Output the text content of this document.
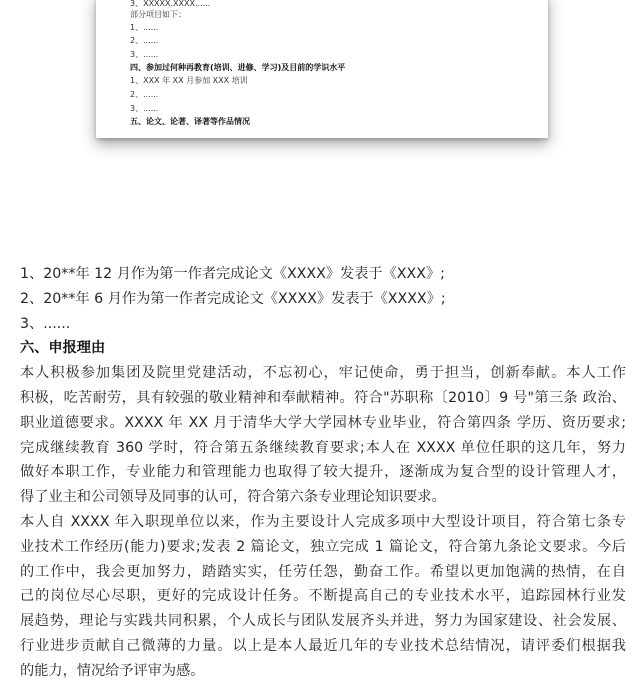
3、XXXXX.XXXX......
部分项目如下：
1、......
2、......
3、......
四、参加过何种再教育(培训、进修、学习)及目前的学识水平
1、XXX 年 XX 月参加 XXX 培训
2、......
3、......
五、论文、论著、译著等作品情况
1、20**年 12 月作为第一作者完成论文《XXXX》发表于《XXX》;
2、20**年 6 月作为第一作者完成论文《XXXX》发表于《XXXX》;
3、......
六、申报理由
本人积极参加集团及院里党建活动，不忘初心，牢记使命，勇于担当，创新奉献。本人工作
积极，吃苦耐劳，具有较强的敬业精神和奉献精神。符合"苏职称〔2010〕9 号"第三条 政治、
职业道德要求。XXXX 年 XX 月于清华大学大学园林专业毕业，符合第四条 学历、资历要求;
完成继续教育 360 学时，符合第五条继续教育要求;本人在 XXXX 单位任职的这几年，努力
做好本职工作，专业能力和管理能力也取得了较大提升，逐渐成为复合型的设计管理人才，
得了业主和公司领导及同事的认可，符合第六条专业理论知识要求。
本人自 XXXX 年入职现单位以来，作为主要设计人完成多项中大型设计项目，符合第七条专
业技术工作经历(能力)要求;发表 2 篇论文，独立完成 1 篇论文，符合第九条论文要求。今后
的工作中，我会更加努力，踏踏实实，任劳任怨，勤奋工作。希望以更加饱满的热情，在自
己的岗位尽心尽职，更好的完成设计任务。不断提高自己的专业技术水平，追踪园林行业发
展趋势，理论与实践共同积累，个人成长与团队发展齐头并进，努力为国家建设、社会发展、
行业进步贡献自己微薄的力量。以上是本人最近几年的专业技术总结情况，请评委们根据我
的能力，情况给予评审为感。
